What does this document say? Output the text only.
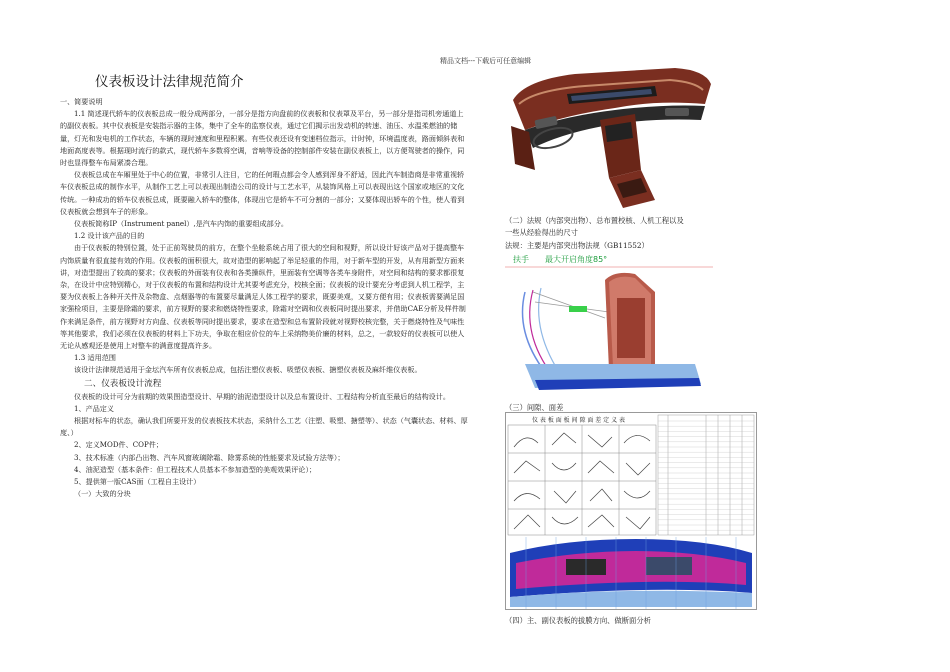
精品文档---下载后可任意编辑
仪表板设计法律规范简介

一、简要说明

1.1 简述现代轿车的仪表板总成一般分成两部分，一部分是指方向盘前的仪表板和仪表罩及平台，另一部分是指司机旁通道上的副仪表板。其中仪表板是安装指示器的主体，集中了全车的监察仪表，通过它们揭示出发动机的转速、油压、水温柔燃油的储量，灯光和发电机的工作状态，车辆的现时速度和里程积累。有些仪表还设有变速档位指示，计时钟，环境温度表，路面倾斜表和地面高度表等。根据现时流行的款式，现代轿车多数将空调，音响等设备的控制部件安装在副仪表板上，以方便驾驶者的操作，同时也显得整车布局紧凑合理。

仪表板总成在车厢里处于中心的位置，非常引人注目，它的任何瑕点都会令人感到浑身不舒适，因此汽车制造商是非常重视轿车仪表板总成的制作水平，从制作工艺上可以表现出制造公司的设计与工艺水平，从装饰风格上可以表现出这个国家或地区的文化传统。一种成功的轿车仪表板总成，既要融入轿车的整体，体现出它是轿车不可分割的一部分；又要体现出轿车的个性，使人看到仪表板就会想到车子的形象。

仪表板简称IP（Instrument panel）,是汽车内饰的重要组成部分。

1.2 设计该产品的目的

由于仪表板的特别位置，处于正前驾驶员的前方，在整个坐舱系统占用了很大的空间和视野，所以设计好该产品对于提高整车内饰质量有很直接有效的作用。仪表板的面积很大，故对造型的影响起了举足轻重的作用，对于新车型的开发，从有用新型方面来讲，对造型提出了较高的要求；仪表板的外面装有仪表和各类操纵件，里面装有空调等各类车身附件，对空间和结构的要求都很复杂，在设计中应特别精心，对于仪表板的布置和结构设计尤其要考虑充分，校核全面；仪表板的设计要充分考虑到人机工程学，主要为仪表板上各种开关件及杂物盒、点烟器等的布置要尽量满足人体工程学的要求，既要美观，又要方便有用；仪表板需要满足国家强检项目，主要是除霜的要求，前方视野的要求和燃烧特性要求，除霜对空调和仪表板同时提出要求，并借助CAE分析及样件制作来满足条件，前方视野对方向盘、仪表板等同时提出要求，要求在造型和总布置阶段就对视野校核完整，关于燃烧特性及气味性等其他要求，我们必须在仪表板的材料上下功夫，争取在相应价位的车上采纳物美价廉的材料，总之，一款较好的仪表板可以使人无论从感观还是使用上对整车的满意度提高许多。

1.3 适用范围

该设计法律规范适用于金坛汽车所有仪表板总成，包括注塑仪表板、吸塑仪表板、搪塑仪表板及麻纤维仪表板。

二、仪表板设计流程

仪表板的设计可分为前期的效果图造型设计、早期的油泥造型设计以及总布置设计、工程结构分析直至最后的结构设计。

1、产品定义

根据对标车的状态，确认我们所要开发的仪表板技术状态，采纳什么工艺（注塑、吸塑、搪塑等）、状态（气囊状态、材料、厚度、）

2、定义MOD件、COP件；

3、技术标准（内部凸出物、汽车风窗玻璃除霜、除雾系统的性能要求及试验方法等）；

4、油泥造型（基本条件：但工程技术人员基本不参加造型的美观效果评论）；

5、提供第一版CAS面（工程自主设计）

（一）大致的分块

（二）法规（内部突出物）、总布置校核、人机工程以及
一些从经验得出的尺寸
法规：主要是内部突出物法规（GB11552）
扶手 最大开启角度85°
（三）间隙、面差
仪 表 板 面 板 间 隙 面 差 定 义 表
（四）主、副仪表板的拔膜方向、做断面分析
